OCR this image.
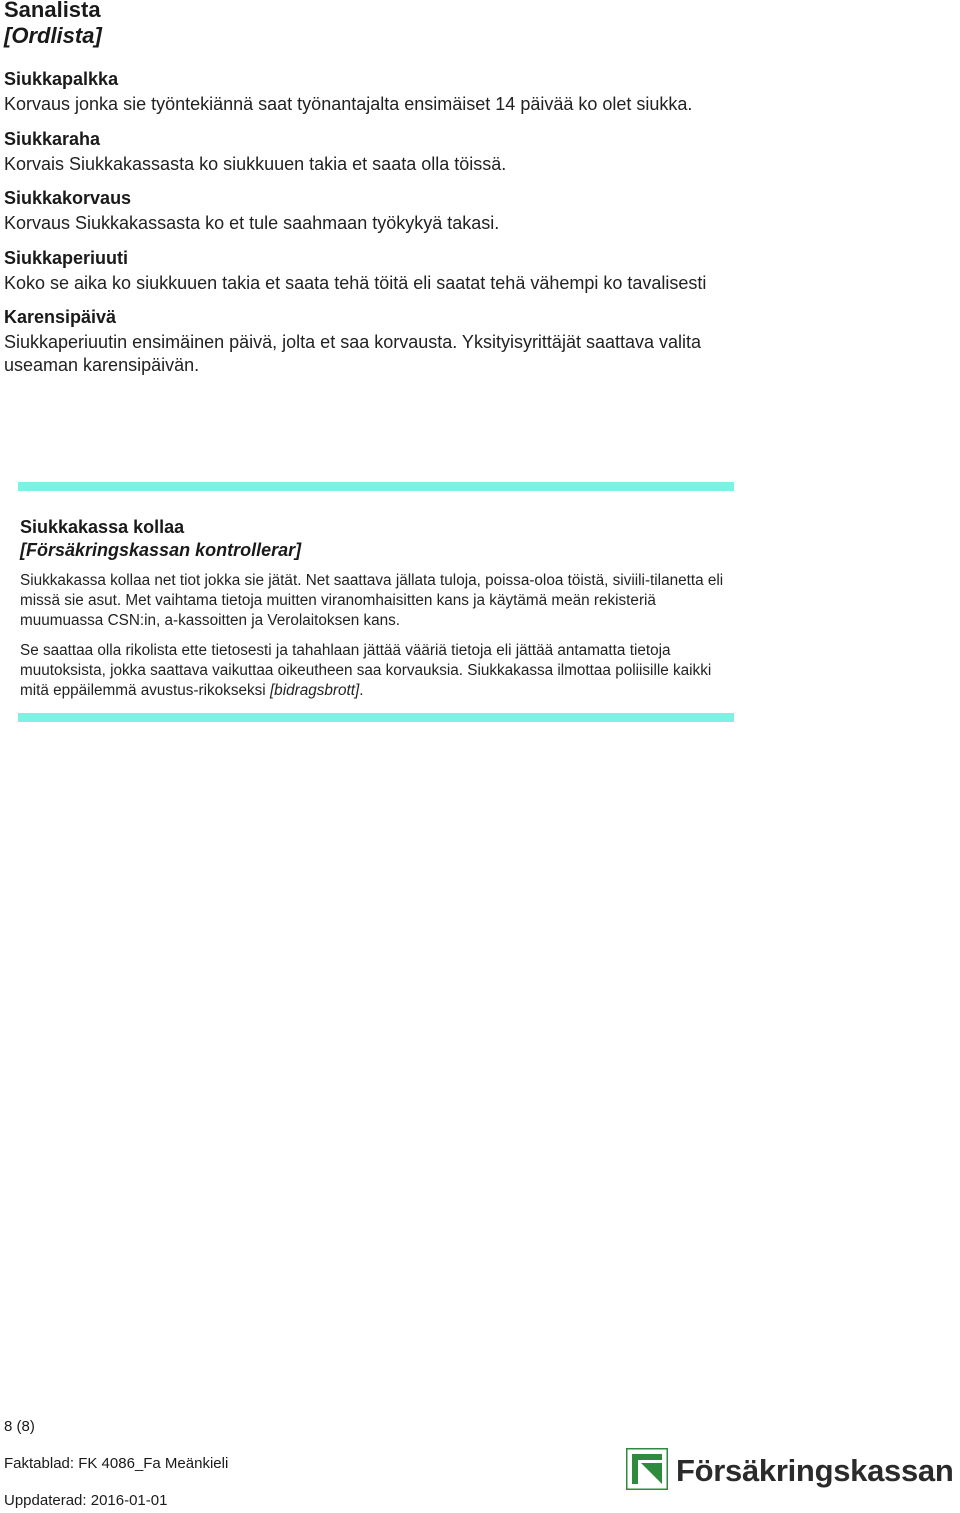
Sanalista
[Ordlista]
Siukkapalkka
Korvaus jonka sie työntekiännä saat työnantajalta ensimäiset 14 päivää ko olet siukka.
Siukkaraha
Korvais Siukkakassasta ko siukkuuen takia et saata olla töissä.
Siukkakorvaus
Korvaus Siukkakassasta ko et tule saahmaan työkykyä takasi.
Siukkaperiuuti
Koko se aika ko siukkuuen takia et saata tehä töitä eli saatat tehä vähempi ko tavalisesti
Karensipäivä
Siukkaperiuutin ensimäinen päivä, jolta et saa korvausta. Yksityisyrittäjät saattava valita useaman karensipäivän.
Siukkakassa kollaa
[Försäkringskassan kontrollerar]

Siukkakassa kollaa net tiot jokka sie jätät. Net saattava jällata tuloja, poissa-oloa töistä, siviili-tilanetta eli missä sie asut. Met vaihtama tietoja muitten viranomhaisitten kans ja käytämä meän rekisteriä muumuassa CSN:in, a-kassoitten ja Verolaitoksen kans.

Se saattaa olla rikolista ette tietosesti ja tahahlaan jättää vääriä tietoja eli jättää antamatta tietoja muutoksista, jokka saattava vaikuttaa oikeutheen saa korvauksia. Siukkakassa ilmottaa poliisille kaikki mitä eppäilemmä avustus-rikokseksi [bidragsbrott].

8 (8)
Faktablad: FK 4086_Fa Meänkieli
Uppdaterad: 2016-01-01
Försäkringskassan
